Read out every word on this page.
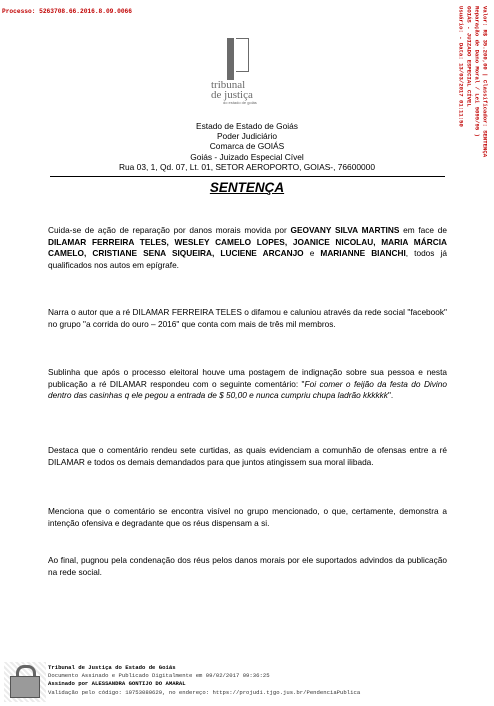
Processo: 5263708.66.2016.8.09.0066	Valor: R$ 35.200,00 | Classificador: SENTENÇA
Reparação de Dano Moral / Lei 9099/95 )
GOIÁS - JUIZADO ESPECIAL CÍVEL
Usuário: - Data: 13/03/2017 01:11:50
tribunal
de justiça
do estado de goiás
Estado de Estado de Goiás
Poder Judiciário
Comarca de GOIÁS
Goiás - Juizado Especial Cível
Rua 03, 1, Qd. 07, Lt. 01, SETOR AEROPORTO, GOIAS-, 76600000
SENTENÇA
Cuida-se de ação de reparação por danos morais movida por GEOVANY SILVA MARTINS em face de DILAMAR FERREIRA TELES, WESLEY CAMELO LOPES, JOANICE NICOLAU, MARIA MÁRCIA CAMELO, CRISTIANE SENA SIQUEIRA, LUCIENE ARCANJO e MARIANNE BIANCHI, todos já qualificados nos autos em epígrafe.
Narra o autor que a ré DILAMAR FERREIRA TELES o difamou e caluniou através da rede social "facebook" no grupo "a corrida do ouro – 2016" que conta com mais de três mil membros.
Sublinha que após o processo eleitoral houve uma postagem de indignação sobre sua pessoa e nesta publicação a ré DILAMAR respondeu com o seguinte comentário: "Foi comer o feijão da festa do Divino dentro das casinhas q ele pegou a entrada de $ 50,00 e nunca cumpriu chupa ladrão kkkkkk".
Destaca que o comentário rendeu sete curtidas, as quais evidenciam a comunhão de ofensas entre a ré DILAMAR e todos os demais demandados para que juntos atingissem sua moral ilibada.
Menciona que o comentário se encontra visível no grupo mencionado, o que, certamente, demonstra a intenção ofensiva e degradante que os réus dispensam a si.
Ao final, pugnou pela condenação dos réus pelos danos morais por ele suportados advindos da publicação na rede social.
Tribunal de Justiça do Estado de Goiás
Documento Assinado e Publicado Digitalmente em 09/02/2017 09:36:25
Assinado por ALESSANDRA GONTIJO DO AMARAL
Validação pelo código: 10753080629, no endereço: https://projudi.tjgo.jus.br/PendenciaPublica
